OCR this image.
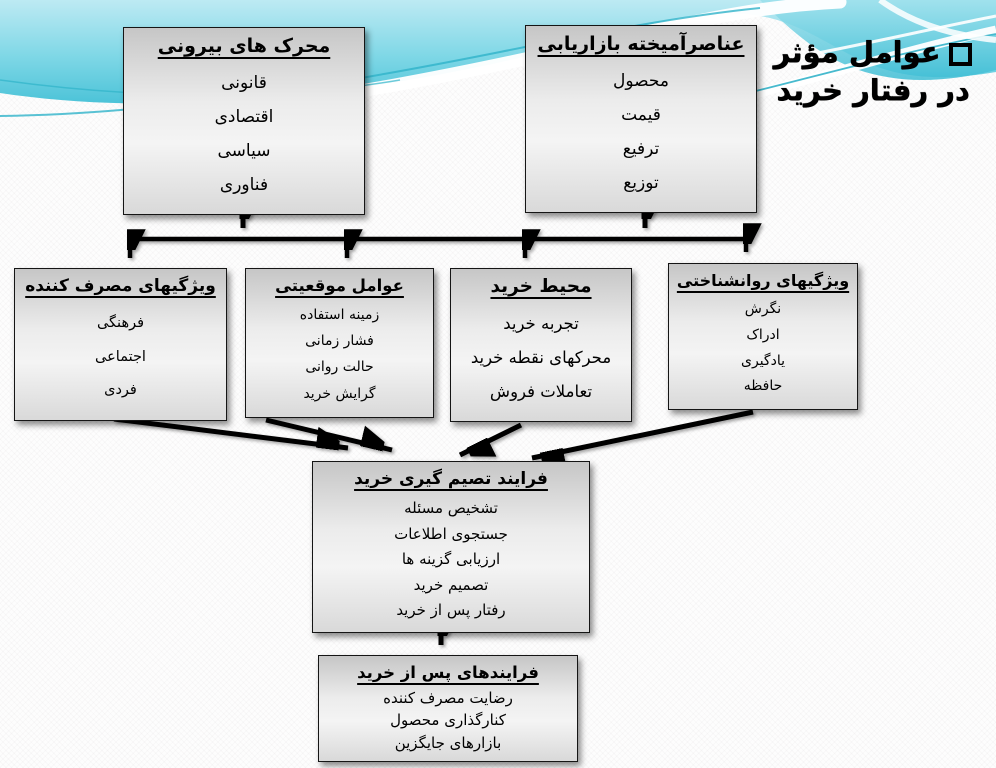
عوامل مؤثر
در رفتار خرید
محرک های بیرونی
قانونی
اقتصادی
سیاسی
فناوری
عناصرآمیخته بازاریابی
محصول
قیمت
ترفیع
توزیع
ویژگیهای مصرف کننده
فرهنگی
اجتماعی
فردی
عوامل موقعیتی
زمینه استفاده
فشار زمانی
حالت روانی
گرایش خرید
محیط خرید
تجربه خرید
محرکهای نقطه خرید
تعاملات فروش
ویژگیهای روانشناختی
نگرش
ادراک
یادگیری
حافظه
فرایند تصیم گیری خرید
تشخیص مسئله
جستجوی اطلاعات
ارزیابی گزینه ها
تصمیم خرید
رفتار پس از خرید
فرایندهای پس از خرید
رضایت مصرف کننده
کنارگذاری محصول
بازارهای جایگزین
